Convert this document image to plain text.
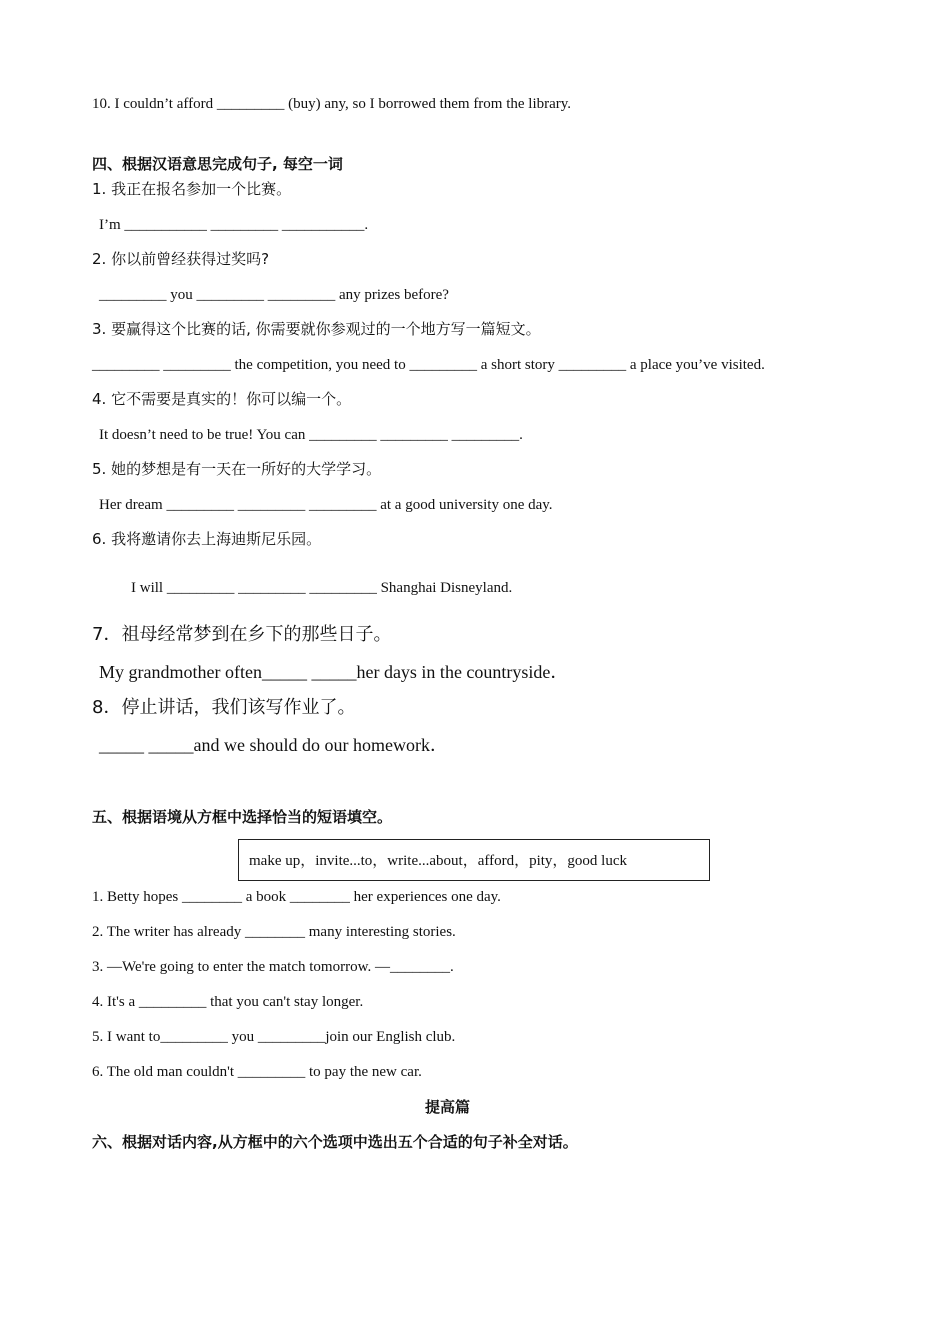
10. I couldn’t afford _________ (buy) any, so I borrowed them from the library.
四、根据汉语意思完成句子, 每空一词
1. 我正在报名参加一个比赛。
I’m ___________ _________ ___________.
2. 你以前曾经获得过奖吗?
_________ you _________ _________ any prizes before?
3. 要赢得这个比赛的话, 你需要就你参观过的一个地方写一篇短文。
_________ _________ the competition, you need to _________ a short story _________ a place you’ve visited.
4. 它不需要是真实的！你可以编一个。
It doesn’t need to be true! You can _________ _________ _________.
5. 她的梦想是有一天在一所好的大学学习。
Her dream _________ _________ _________ at a good university one day.
6. 我将邀请你去上海迪斯尼乐园。
I will _________ _________ _________ Shanghai Disneyland.
7．祖母经常梦到在乡下的那些日子。
My grandmother often_____ _____her days in the countryside．
8．停止讲话，我们该写作业了。
_____ _____and we should do our homework．
五、根据语境从方框中选择恰当的短语填空。
make up，invite...to，write...about，afford，pity，good luck
1. Betty hopes ________ a book ________ her experiences one day.
2. The writer has already ________ many interesting stories.
3. —We're going to enter the match tomorrow. —________.
4. It's a _________ that you can't stay longer.
5. I want to_________ you _________join our English club.
6. The old man couldn't _________ to pay the new car.
提高篇
六、根据对话内容,从方框中的六个选项中选出五个合适的句子补全对话。
